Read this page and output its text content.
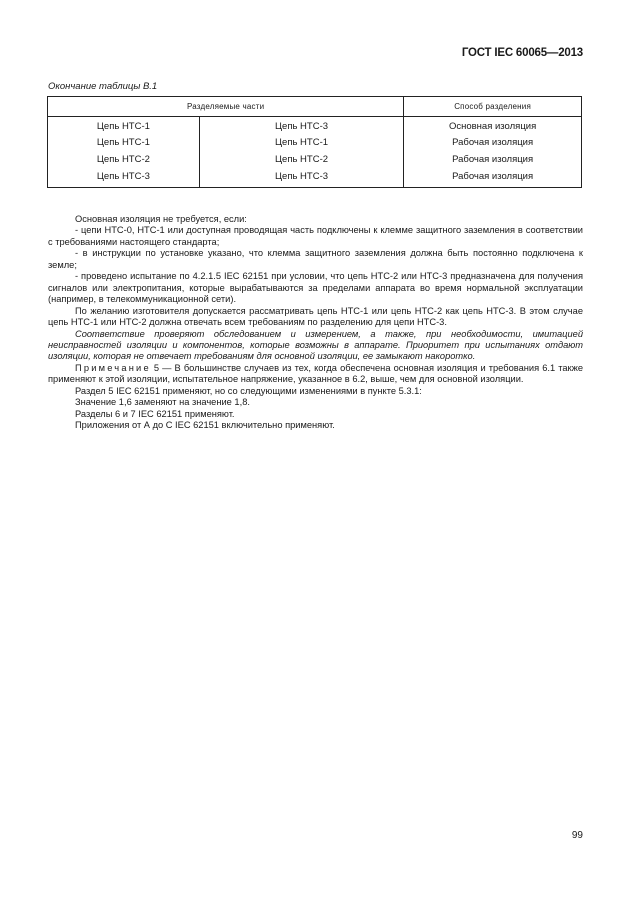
ГОСТ IEC 60065—2013
Окончание таблицы В.1
Разделяемые части		Способ разделения
Цепь НТС-1	Цепь НТС-3	Основная изоляция
Цепь НТС-1	Цепь НТС-1	Рабочая изоляция
Цепь НТС-2	Цепь НТС-2	Рабочая изоляция
Цепь НТС-3	Цепь НТС-3	Рабочая изоляция

Основная изоляция не требуется, если:

- цепи НТС-0, НТС-1 или доступная проводящая часть подключены к клемме защитного заземления в соответствии с требованиями настоящего стандарта;

- в инструкции по установке указано, что клемма защитного заземления должна быть постоянно подключена к земле;

- проведено испытание по 4.2.1.5 IEC 62151 при условии, что цепь НТС-2 или НТС-3 предназначена для получения сигналов или электропитания, которые вырабатываются за пределами аппарата во время нормальной эксплуатации (например, в телекоммуникационной сети).

По желанию изготовителя допускается рассматривать цепь НТС-1 или цепь НТС-2 как цепь НТС-3. В этом случае цепь НТС-1 или НТС-2 должна отвечать всем требованиям по разделению для цепи НТС-3.

Соответствие проверяют обследованием и измерением, а также, при необходимости, имитацией неисправностей изоляции и компонентов, которые возможны в аппарате. Приоритет при испытаниях отдают изоляции, которая не отвечает требованиям для основной изоляции, ее замыкают накоротко.

Примечание 5 — В большинстве случаев из тех, когда обеспечена основная изоляция и требования 6.1 также применяют к этой изоляции, испытательное напряжение, указанное в 6.2, выше, чем для основной изоляции.

Раздел 5 IEC 62151 применяют, но со следующими изменениями в пункте 5.3.1:

Значение 1,6 заменяют на значение 1,8.

Разделы 6 и 7 IEC 62151 применяют.

Приложения от А до С IEC 62151 включительно применяют.

99
